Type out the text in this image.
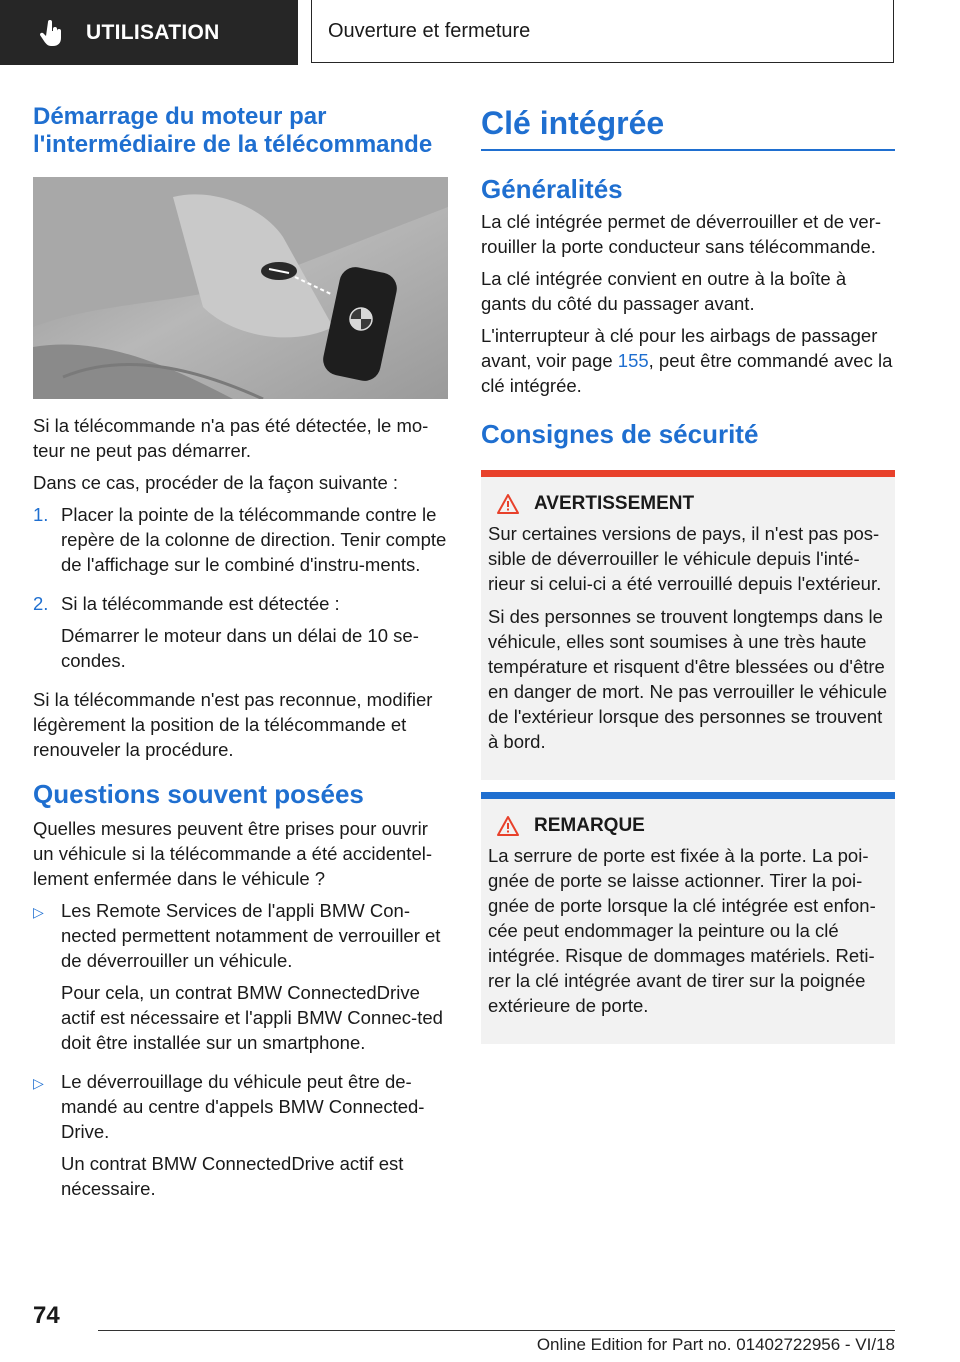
UTILISATION	Ouverture et fermeture
Démarrage du moteur par l'intermédiaire de la télécommande

Si la télécommande n'a pas été détectée, le mo-teur ne peut pas démarrer.

Dans ce cas, procéder de la façon suivante :

1. Placer la pointe de la télécommande contre le repère de la colonne de direction. Tenir compte de l'affichage sur le combiné d'instru-ments.

2. Si la télécommande est détectée :

Démarrer le moteur dans un délai de 10 se-condes.

Si la télécommande n'est pas reconnue, modifier légèrement la position de la télécommande et renouveler la procédure.

Questions souvent posées

Quelles mesures peuvent être prises pour ouvrir un véhicule si la télécommande a été accidentel-lement enfermée dans le véhicule ?

▷ Les Remote Services de l'appli BMW Con-nected permettent notamment de verrouiller et de déverrouiller un véhicule.

Pour cela, un contrat BMW ConnectedDrive actif est nécessaire et l'appli BMW Connec-ted doit être installée sur un smartphone.

▷ Le déverrouillage du véhicule peut être de-mandé au centre d'appels BMW Connected-Drive.

Un contrat BMW ConnectedDrive actif est nécessaire.

Clé intégrée
Généralités

La clé intégrée permet de déverrouiller et de ver-rouiller la porte conducteur sans télécommande.

La clé intégrée convient en outre à la boîte à gants du côté du passager avant.

L'interrupteur à clé pour les airbags de passager avant, voir page 155, peut être commandé avec la clé intégrée.

Consignes de sécurité
AVERTISSEMENT

Sur certaines versions de pays, il n'est pas pos-sible de déverrouiller le véhicule depuis l'inté-rieur si celui-ci a été verrouillé depuis l'extérieur.

Si des personnes se trouvent longtemps dans le véhicule, elles sont soumises à une très haute température et risquent d'être blessées ou d'être en danger de mort. Ne pas verrouiller le véhicule de l'extérieur lorsque des personnes se trouvent à bord.

REMARQUE

La serrure de porte est fixée à la porte. La poi-gnée de porte se laisse actionner. Tirer la poi-gnée de porte lorsque la clé intégrée est enfon-cée peut endommager la peinture ou la clé intégrée. Risque de dommages matériels. Reti-rer la clé intégrée avant de tirer sur la poignée extérieure de porte.

74
Online Edition for Part no. 01402722956 - VI/18
